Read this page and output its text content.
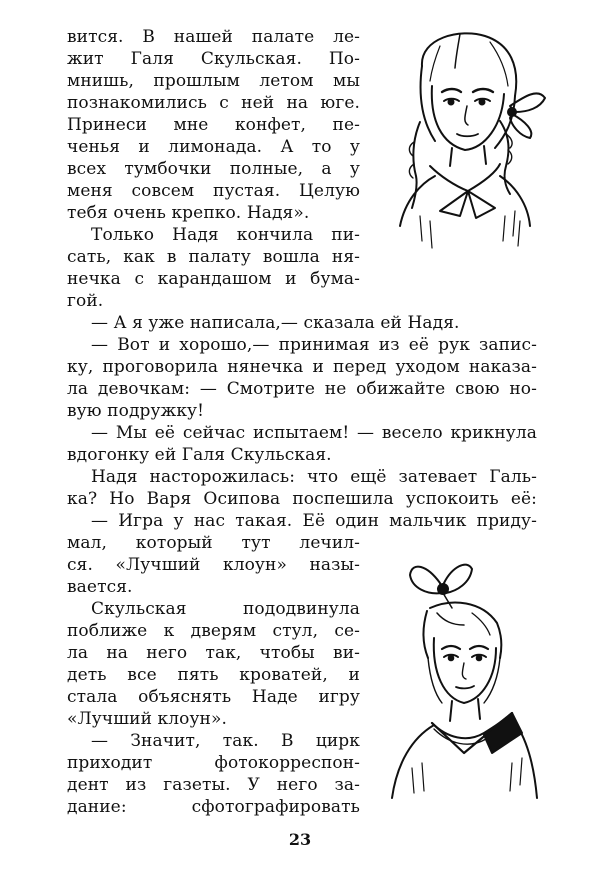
вится. В нашей палате ле-
жит Галя Скульская. По-
мнишь, прошлым летом мы
познакомились с ней на юге.
Принеси мне конфет, пе-
ченья и лимонада. А то у
всех тумбочки полные, а у
меня совсем пустая. Целую
тебя очень крепко. Надя».
Только Надя кончила пи-
сать, как в палату вошла ня-
нечка с карандашом и бума-
гой.
— А я уже написала,— сказала ей Надя.
— Вот и хорошо,— принимая из её рук запис-
ку, проговорила нянечка и перед уходом наказа-
ла девочкам: — Смотрите не обижайте свою но-
вую подружку!
— Мы её сейчас испытаем! — весело крикнула
вдогонку ей Галя Скульская.
Надя насторожилась: что ещё затевает Галь-
ка? Но Варя Осипова поспешила успокоить её:
— Игра у нас такая. Её один мальчик приду-
мал, который тут лечил-
ся. «Лучший клоун» назы-
вается.
Скульская пододвинула
поближе к дверям стул, се-
ла на него так, чтобы ви-
деть все пять кроватей, и
стала объяснять Наде игру
«Лучший клоун».
— Значит, так. В цирк
приходит фотокорреспон-
дент из газеты. У него за-
дание: сфотографировать
23
